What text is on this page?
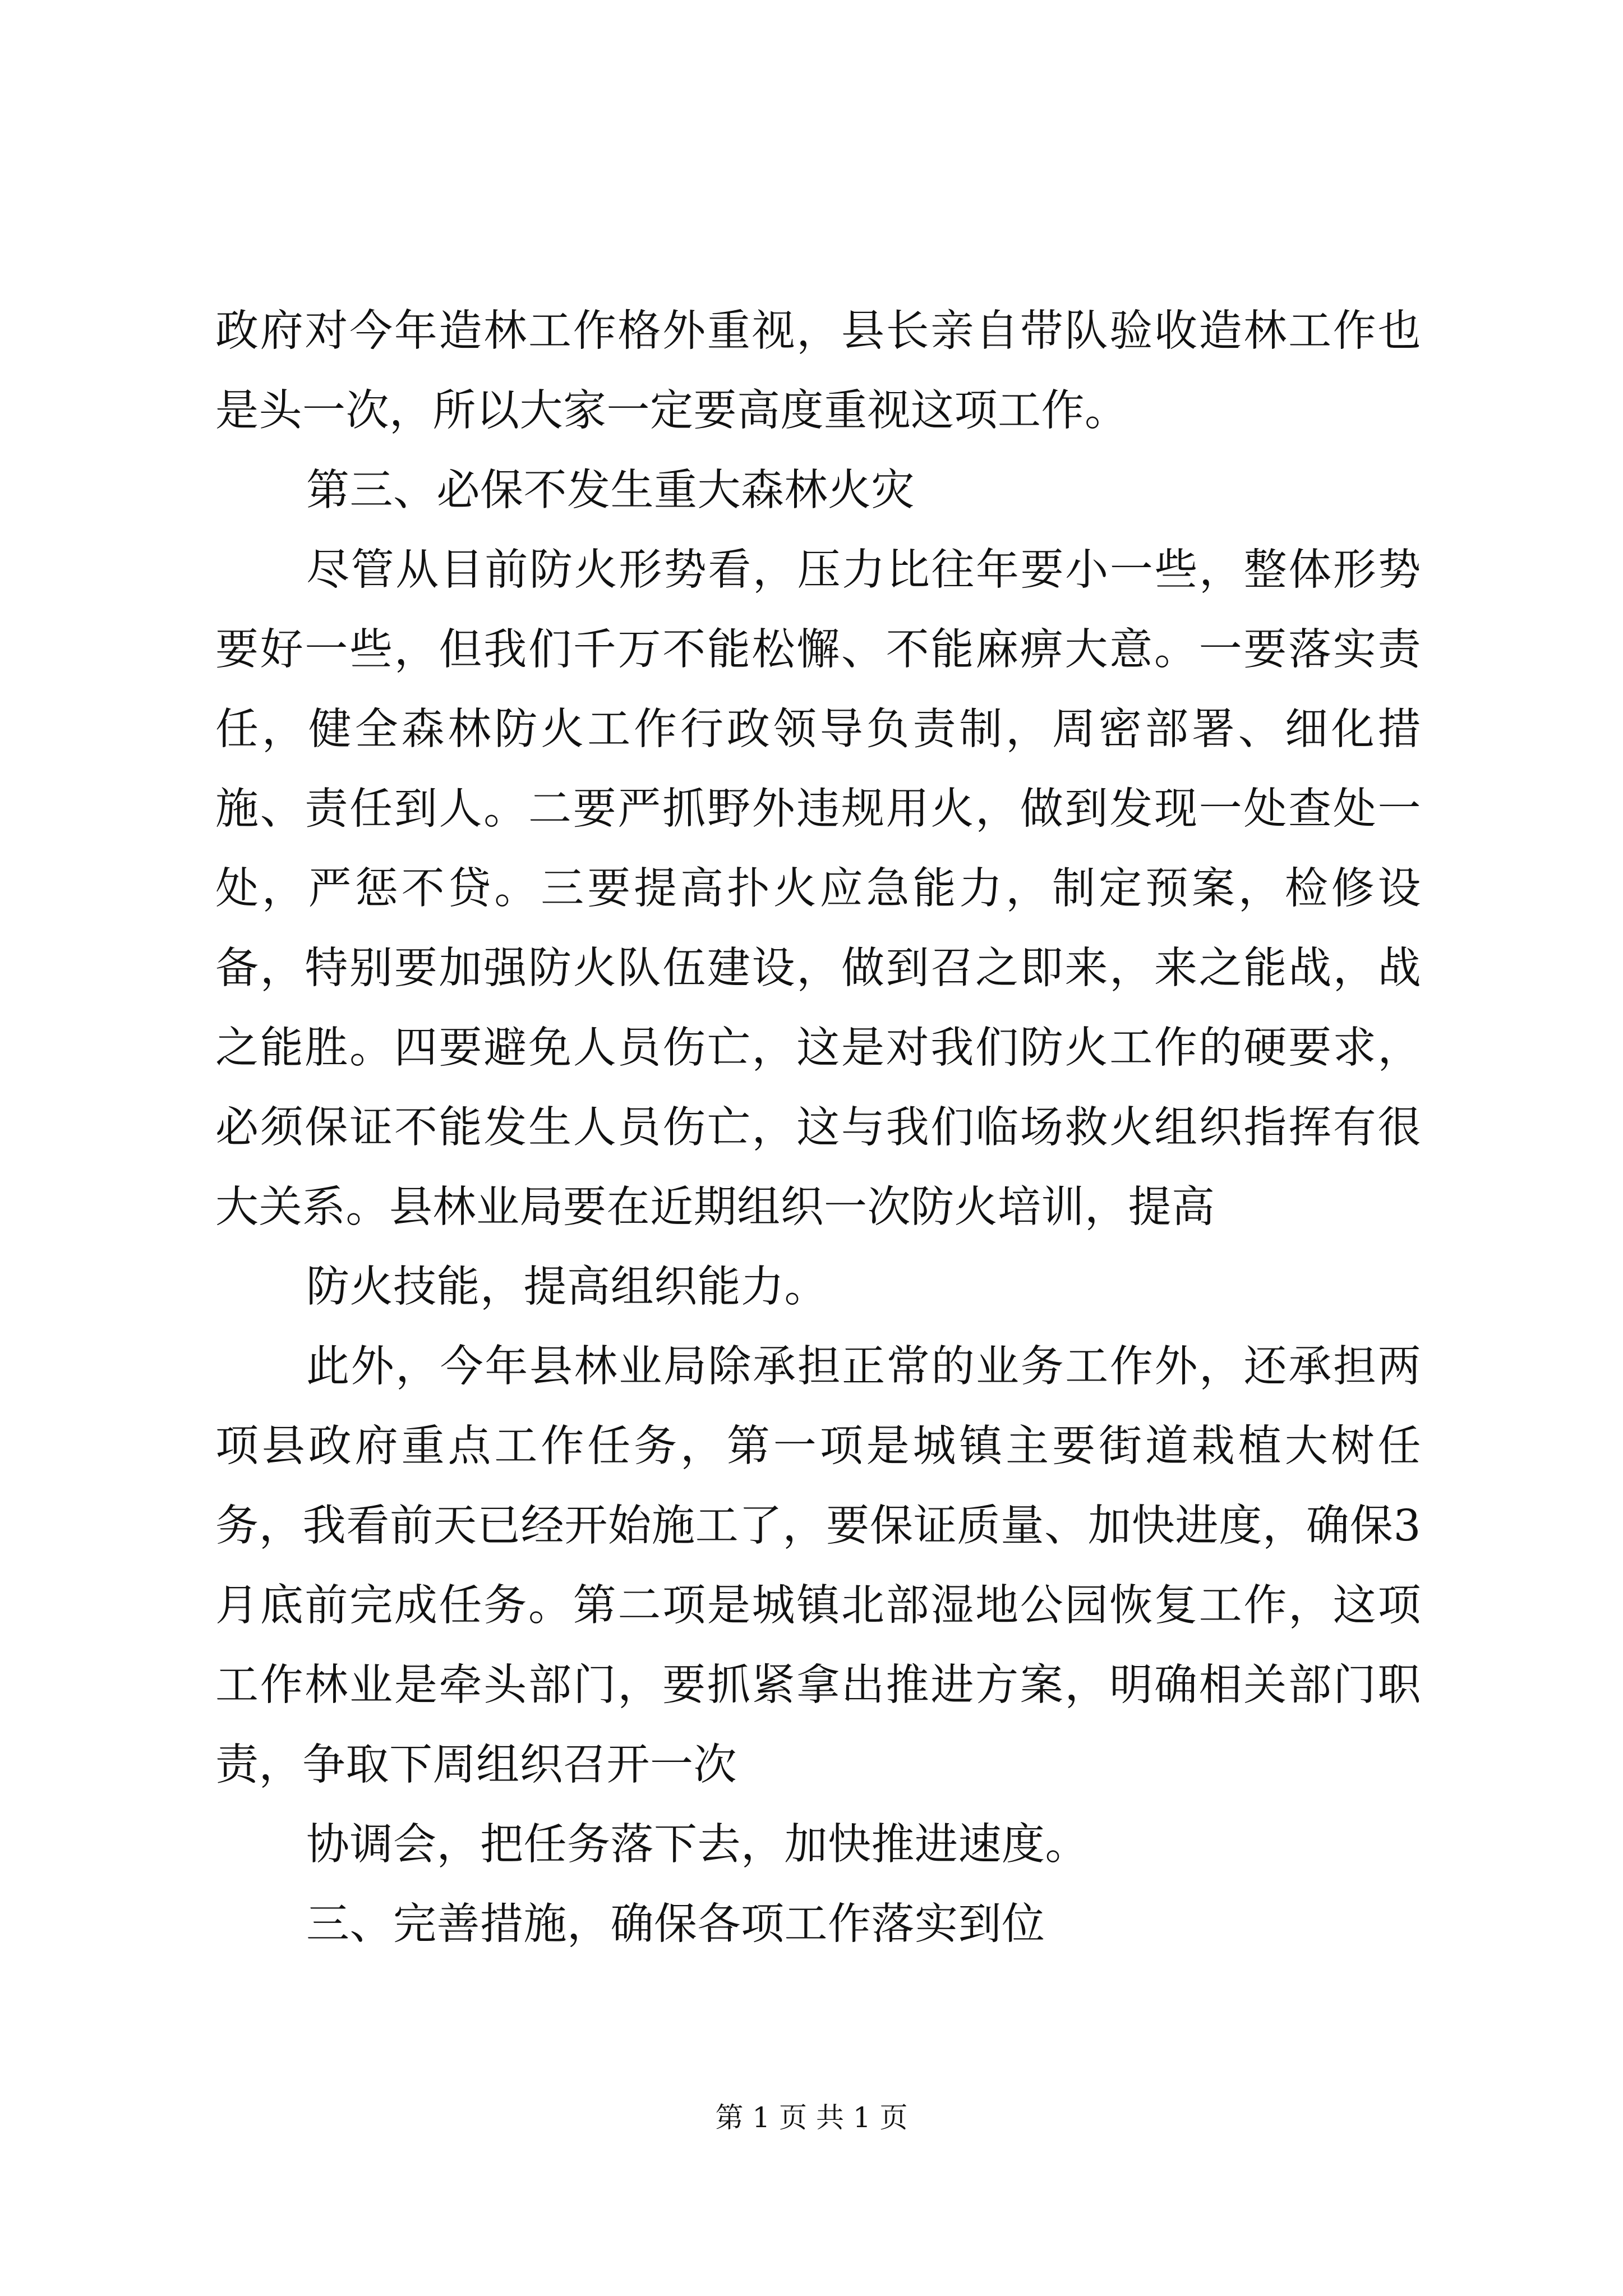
政府对今年造林工作格外重视，县长亲自带队验收造林工作也是头一次，所以大家一定要高度重视这项工作。

第三、必保不发生重大森林火灾

尽管从目前防火形势看，压力比往年要小一些，整体形势要好一些，但我们千万不能松懈、不能麻痹大意。一要落实责任，健全森林防火工作行政领导负责制，周密部署、细化措施、责任到人。二要严抓野外违规用火，做到发现一处查处一处，严惩不贷。三要提高扑火应急能力，制定预案，检修设备，特别要加强防火队伍建设，做到召之即来，来之能战，战之能胜。四要避免人员伤亡，这是对我们防火工作的硬要求，必须保证不能发生人员伤亡，这与我们临场救火组织指挥有很大关系。县林业局要在近期组织一次防火培训，提高

防火技能，提高组织能力。

此外，今年县林业局除承担正常的业务工作外，还承担两项县政府重点工作任务，第一项是城镇主要街道栽植大树任务，我看前天已经开始施工了，要保证质量、加快进度，确保3月底前完成任务。第二项是城镇北部湿地公园恢复工作，这项工作林业是牵头部门，要抓紧拿出推进方案，明确相关部门职责，争取下周组织召开一次

协调会，把任务落下去，加快推进速度。

三、完善措施，确保各项工作落实到位

第 1 页 共 1 页
